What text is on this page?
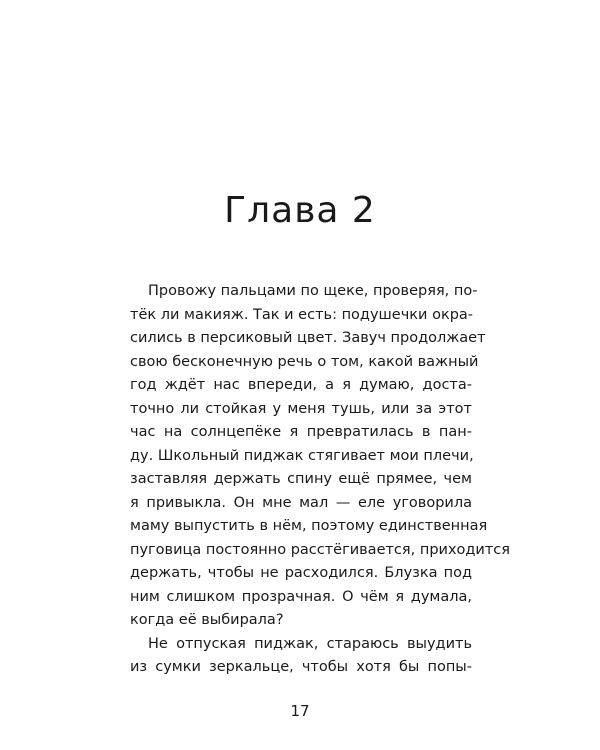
Глава 2
Провожу пальцами по щеке, проверяя, по-
тёк ли макияж. Так и есть: подушечки окра-
сились в персиковый цвет. Завуч продолжает
свою бесконечную речь о том, какой важный
год ждёт нас впереди, а я думаю, доста-
точно ли стойкая у меня тушь, или за этот
час на солнцепёке я превратилась в пан-
ду. Школьный пиджак стягивает мои плечи,
заставляя держать спину ещё прямее, чем
я привыкла. Он мне мал — еле уговорила
маму выпустить в нём, поэтому единственная
пуговица постоянно расстёгивается, приходится
держать, чтобы не расходился. Блузка под
ним слишком прозрачная. О чём я думала,
когда её выбирала?
Не отпуская пиджак, стараюсь выудить
из сумки зеркальце, чтобы хотя бы попы-
17
